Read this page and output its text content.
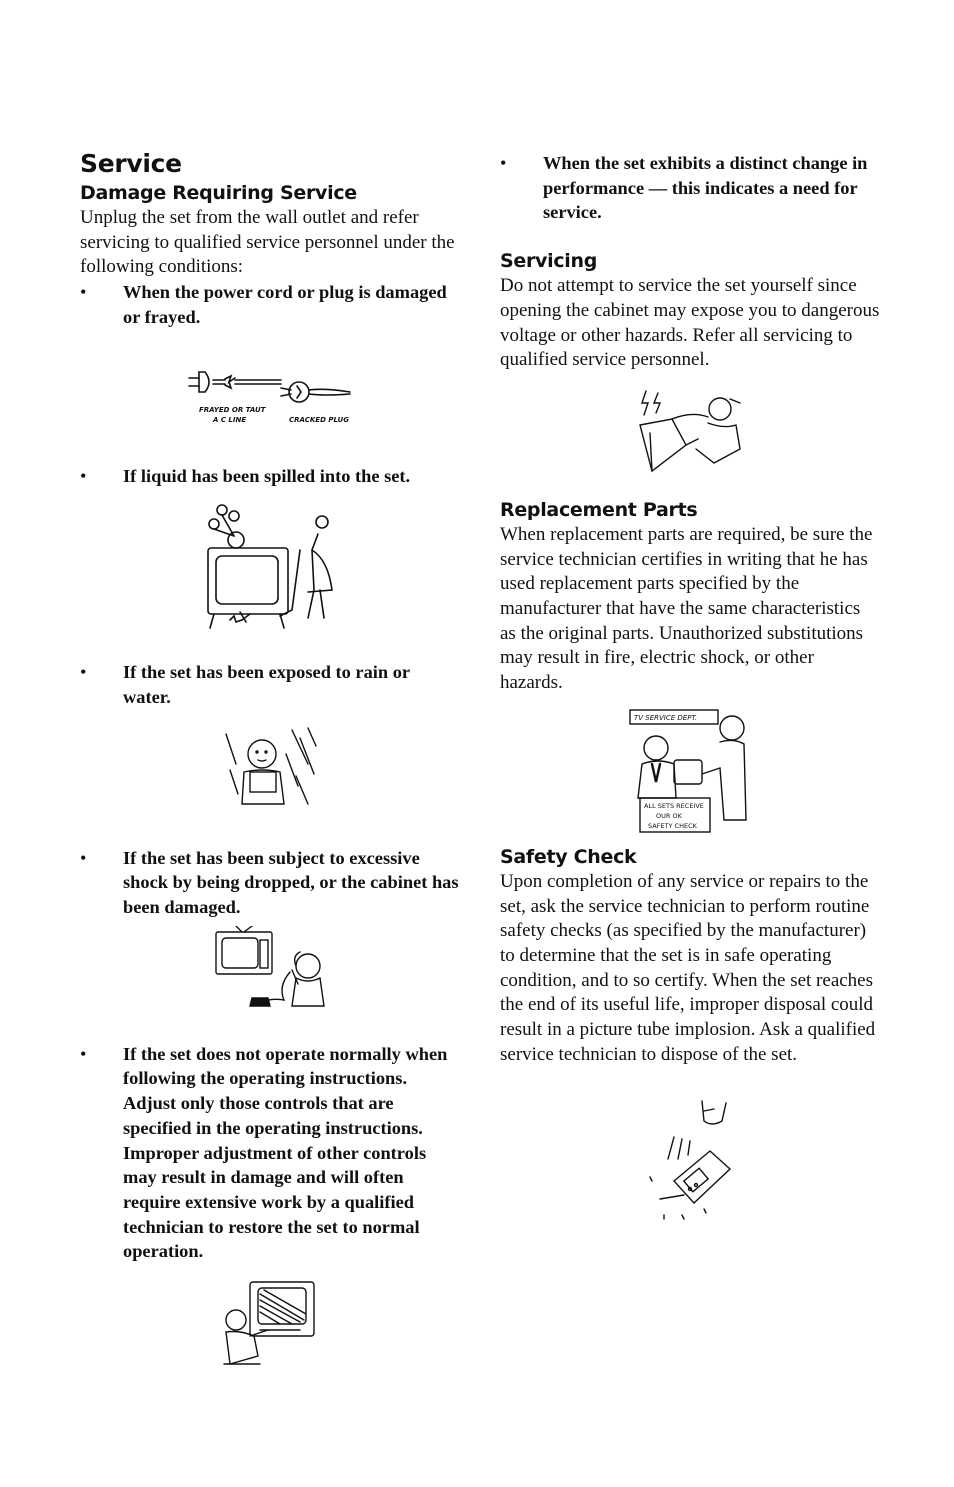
Service
Damage Requiring Service

Unplug the set from the wall outlet and refer servicing to qualified service personnel under the following conditions:

• When the power cord or plug is damaged or frayed.
FRAYED OR TAUT
A C LINE	CRACKED PLUG
• If liquid has been spilled into the set.
• If the set has been exposed to rain or water.
• If the set has been subject to excessive shock by being dropped, or the cabinet has been damaged.
• If the set does not operate normally when following the operating instructions. Adjust only those controls that are specified in the operating instructions. Improper adjustment of other controls may result in damage and will often require extensive work by a qualified technician to restore the set to normal operation.
• When the set exhibits a distinct change in performance — this indicates a need for service.
Servicing

Do not attempt to service the set yourself since opening the cabinet may expose you to dangerous voltage or other hazards. Refer all servicing to qualified service personnel.

Replacement Parts

When replacement parts are required, be sure the service technician certifies in writing that he has used replacement parts specified by the manufacturer that have the same characteristics as the original parts. Unauthorized substitutions may result in fire, electric shock, or other hazards.

TV SERVICE DEPT.
ALL SETS RECEIVE
OUR OK
SAFETY CHECK
Safety Check

Upon completion of any service or repairs to the set, ask the service technician to perform routine safety checks (as specified by the manufacturer) to determine that the set is in safe operating condition, and to so certify. When the set reaches the end of its useful life, improper disposal could result in a picture tube implosion. Ask a qualified service technician to dispose of the set.
